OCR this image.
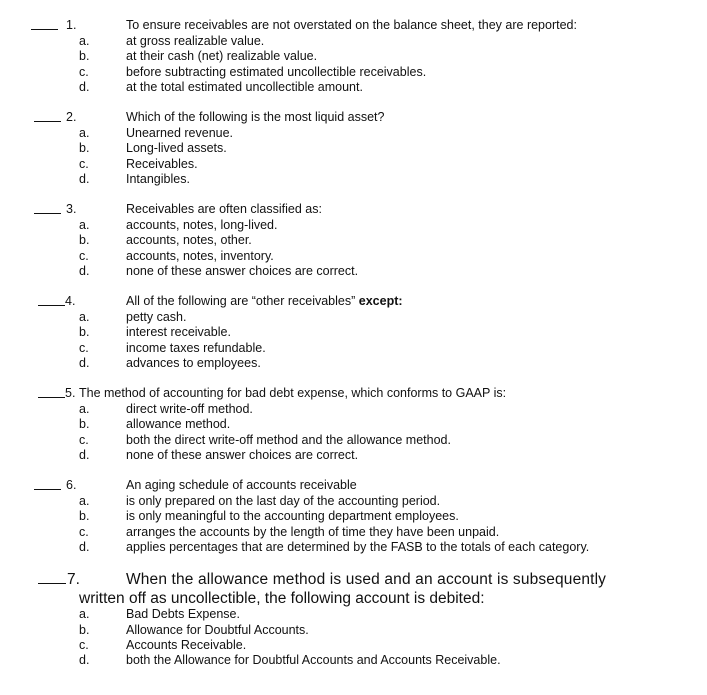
1.	To ensure receivables are not overstated on the balance sheet, they are reported:
a.	at gross realizable value.
b.	at their cash (net) realizable value.
c.	before subtracting estimated uncollectible receivables.
d.	at the total estimated uncollectible amount.
2.	Which of the following is the most liquid asset?
a.	Unearned revenue.
b.	Long-lived assets.
c.	Receivables.
d.	Intangibles.
3.	Receivables are often classified as:
a.	accounts, notes, long-lived.
b.	accounts, notes, other.
c.	accounts, notes, inventory.
d.	none of these answer choices are correct.
4.	All of the following are “other receivables” except:
a.	petty cash.
b.	interest receivable.
c.	income taxes refundable.
d.	advances to employees.
5. The method of accounting for bad debt expense, which conforms to GAAP is:
a.	direct write-off method.
b.	allowance method.
c.	both the direct write-off method and the allowance method.
d.	none of these answer choices are correct.
6.	An aging schedule of accounts receivable
a.	is only prepared on the last day of the accounting period.
b.	is only meaningful to the accounting department employees.
c.	arranges the accounts by the length of time they have been unpaid.
d.	applies percentages that are determined by the FASB to the totals of each category.
7.	When the allowance method is used and an account is subsequently
written off as uncollectible, the following account is debited:
a.	Bad Debts Expense.
b.	Allowance for Doubtful Accounts.
c.	Accounts Receivable.
d.	both the Allowance for Doubtful Accounts and Accounts Receivable.
